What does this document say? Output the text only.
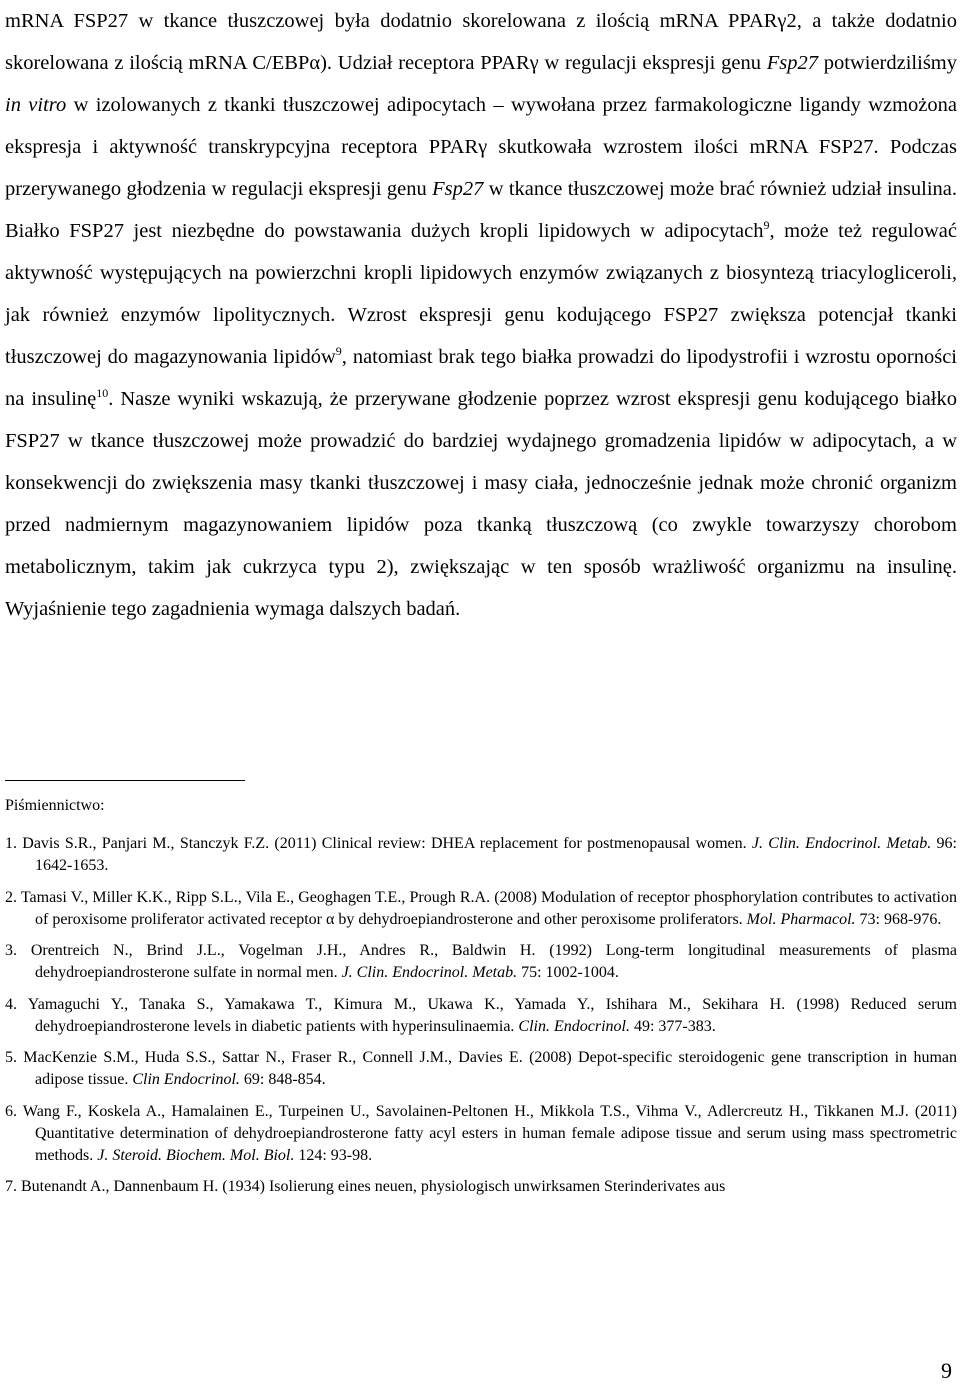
mRNA FSP27 w tkance tłuszczowej była dodatnio skorelowana z ilością mRNA PPARγ2, a także dodatnio skorelowana z ilością mRNA C/EBPα). Udział receptora PPARγ w regulacji ekspresji genu Fsp27 potwierdziliśmy in vitro w izolowanych z tkanki tłuszczowej adipocytach – wywołana przez farmakologiczne ligandy wzmożona ekspresja i aktywność transkrypcyjna receptora PPARγ skutkowała wzrostem ilości mRNA FSP27. Podczas przerywanego głodzenia w regulacji ekspresji genu Fsp27 w tkance tłuszczowej może brać również udział insulina. Białko FSP27 jest niezbędne do powstawania dużych kropli lipidowych w adipocytach$^9$, może też regulować aktywność występujących na powierzchni kropli lipidowych enzymów związanych z biosyntezą triacylogliceroli, jak również enzymów lipolitycznych. Wzrost ekspresji genu kodującego FSP27 zwiększa potencjał tkanki tłuszczowej do magazynowania lipidów$^9$, natomiast brak tego białka prowadzi do lipodystrofii i wzrostu oporności na insulinę$^{10}$. Nasze wyniki wskazują, że przerywane głodzenie poprzez wzrost ekspresji genu kodującego białko FSP27 w tkance tłuszczowej może prowadzić do bardziej wydajnego gromadzenia lipidów w adipocytach, a w konsekwencji do zwiększenia masy tkanki tłuszczowej i masy ciała, jednocześnie jednak może chronić organizm przed nadmiernym magazynowaniem lipidów poza tkanką tłuszczową (co zwykle towarzyszy chorobom metabolicznym, takim jak cukrzyca typu 2), zwiększając w ten sposób wrażliwość organizmu na insulinę. Wyjaśnienie tego zagadnienia wymaga dalszych badań.

Piśmiennictwo:

1. Davis S.R., Panjari M., Stanczyk F.Z. (2011) Clinical review: DHEA replacement for postmenopausal women. J. Clin. Endocrinol. Metab. 96: 1642-1653.
2. Tamasi V., Miller K.K., Ripp S.L., Vila E., Geoghagen T.E., Prough R.A. (2008) Modulation of receptor phosphorylation contributes to activation of peroxisome proliferator activated receptor α by dehydroepiandrosterone and other peroxisome proliferators. Mol. Pharmacol. 73: 968-976.
3. Orentreich N., Brind J.L., Vogelman J.H., Andres R., Baldwin H. (1992) Long-term longitudinal measurements of plasma dehydroepiandrosterone sulfate in normal men. J. Clin. Endocrinol. Metab. 75: 1002-1004.
4. Yamaguchi Y., Tanaka S., Yamakawa T., Kimura M., Ukawa K., Yamada Y., Ishihara M., Sekihara H. (1998) Reduced serum dehydroepiandrosterone levels in diabetic patients with hyperinsulinaemia. Clin. Endocrinol. 49: 377-383.
5. MacKenzie S.M., Huda S.S., Sattar N., Fraser R., Connell J.M., Davies E. (2008) Depot-specific steroidogenic gene transcription in human adipose tissue. Clin Endocrinol. 69: 848-854.
6. Wang F., Koskela A., Hamalainen E., Turpeinen U., Savolainen-Peltonen H., Mikkola T.S., Vihma V., Adlercreutz H., Tikkanen M.J. (2011) Quantitative determination of dehydroepiandrosterone fatty acyl esters in human female adipose tissue and serum using mass spectrometric methods. J. Steroid. Biochem. Mol. Biol. 124: 93-98.
7. Butenandt A., Dannenbaum H. (1934) Isolierung eines neuen, physiologisch unwirksamen Sterinderivates aus

9
